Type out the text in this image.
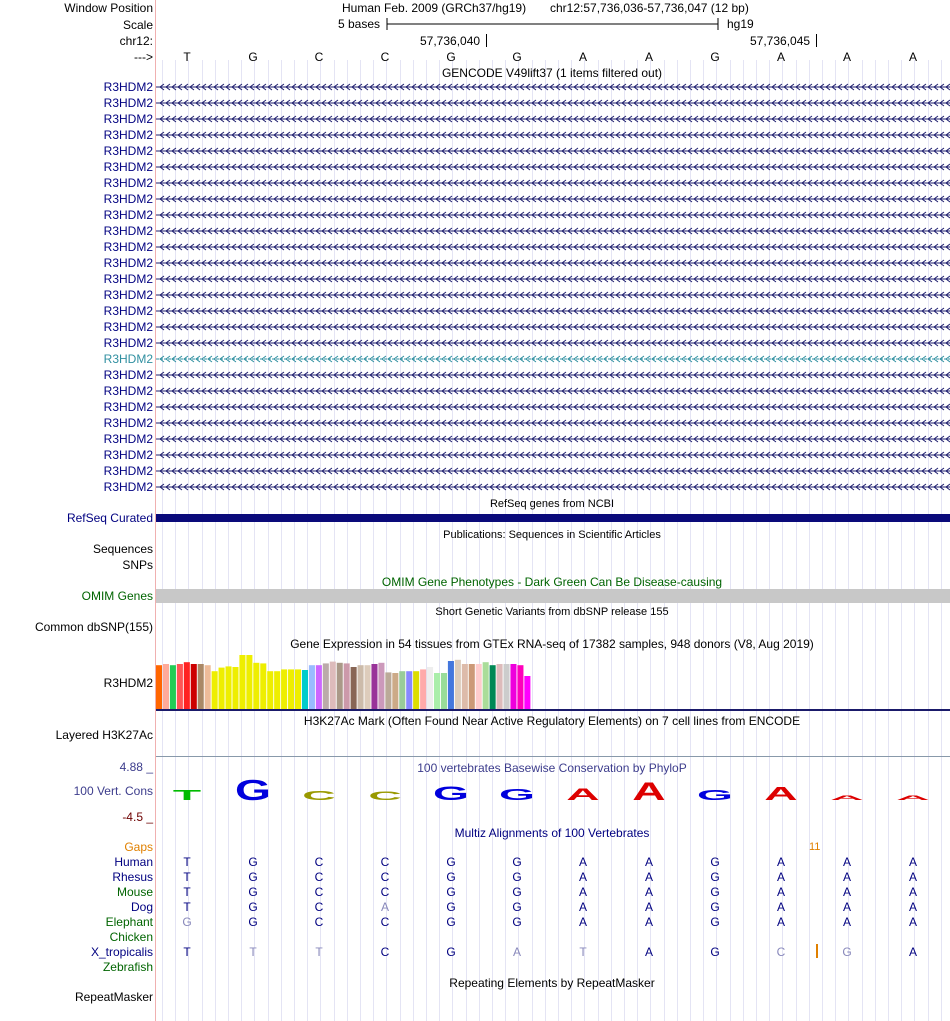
Window Position	Human Feb. 2009 (GRCh37/hg19) chr12:57,736,036-57,736,047 (12 bp)
Scale	5 bases	hg19
chr12:	57,736,040	57,736,045
--->	T	G	C	C	G	G	A	A	G	A	A	A
GENCODE V49lift37 (1 items filtered out)
R3HDM2
R3HDM2
R3HDM2
R3HDM2
R3HDM2
R3HDM2
R3HDM2
R3HDM2
R3HDM2
R3HDM2
R3HDM2
R3HDM2
R3HDM2
R3HDM2
R3HDM2
R3HDM2
R3HDM2
R3HDM2
R3HDM2
R3HDM2
R3HDM2
R3HDM2
R3HDM2
R3HDM2
R3HDM2
R3HDM2
RefSeq genes from NCBI
RefSeq Curated
Publications: Sequences in Scientific Articles
Sequences
SNPs
OMIM Gene Phenotypes - Dark Green Can Be Disease-causing
OMIM Genes
Short Genetic Variants from dbSNP release 155
Common dbSNP(155)
Gene Expression in 54 tissues from GTEx RNA-seq of 17382 samples, 948 donors (V8, Aug 2019)
R3HDM2
H3K27Ac Mark (Often Found Near Active Regulatory Elements) on 7 cell lines from ENCODE
Layered H3K27Ac
100 vertebrates Basewise Conservation by PhyloP
4.88 _
100 Vert. Cons
-4.5 _
T G C C G G A A G A A A
Multiz Alignments of 100 Vertebrates
Gaps	11
Human	T	G	C	C	G	G	A	A	G	A	A	A
Rhesus	T	G	C	C	G	G	A	A	G	A	A	A
Mouse	T	G	C	C	G	G	A	A	G	A	A	A
Dog	T	G	C	A	G	G	A	A	G	A	A	A
Elephant G	G	C	C	G	G	A	A	G	A	A	A
Chicken
X_tropicalis	T	T	T	C	G	A	T	A	G	C	G	A
Zebrafish
Repeating Elements by RepeatMasker
RepeatMasker
